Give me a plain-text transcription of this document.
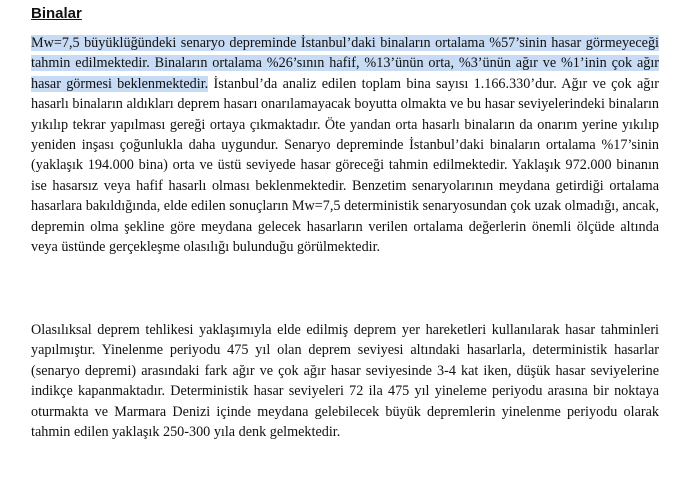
Binalar
Mw=7,5 büyüklüğündeki senaryo depreminde İstanbul’daki binaların ortalama %57’sinin hasar görmeyeceği tahmin edilmektedir. Binaların ortalama %26’sının hafif, %13’ünün orta, %3’ünün ağır ve %1’inin çok ağır hasar görmesi beklenmektedir. İstanbul’da analiz edilen toplam bina sayısı 1.166.330’dur. Ağır ve çok ağır hasarlı binaların aldıkları deprem hasarı onarılamayacak boyutta olmakta ve bu hasar seviyelerindeki binaların yıkılıp tekrar yapılması gereği ortaya çıkmaktadır. Öte yandan orta hasarlı binaların da onarım yerine yıkılıp yeniden inşası çoğunlukla daha uygundur. Senaryo depreminde İstanbul’daki binaların ortalama %17’sinin (yaklaşık 194.000 bina) orta ve üstü seviyede hasar göreceği tahmin edilmektedir. Yaklaşık 972.000 binanın ise hasarsız veya hafif hasarlı olması beklenmektedir. Benzetim senaryolarının meydana getirdiği ortalama hasarlara bakıldığında, elde edilen sonuçların Mw=7,5 deterministik senaryosundan çok uzak olmadığı, ancak, depremin olma şekline göre meydana gelecek hasarların verilen ortalama değerlerin önemli ölçüde altında veya üstünde gerçekleşme olasılığı bulunduğu görülmektedir.
Olasılıksal deprem tehlikesi yaklaşımıyla elde edilmiş deprem yer hareketleri kullanılarak hasar tahminleri yapılmıştır. Yinelenme periyodu 475 yıl olan deprem seviyesi altındaki hasarlarla, deterministik hasarlar (senaryo depremi) arasındaki fark ağır ve çok ağır hasar seviyesinde 3-4 kat iken, düşük hasar seviyelerine indikçe kapanmaktadır. Deterministik hasar seviyeleri 72 ila 475 yıl yineleme periyodu arasına bir noktaya oturmakta ve Marmara Denizi içinde meydana gelebilecek büyük depremlerin yinelenme periyodu olarak tahmin edilen yaklaşık 250-300 yıla denk gelmektedir.
